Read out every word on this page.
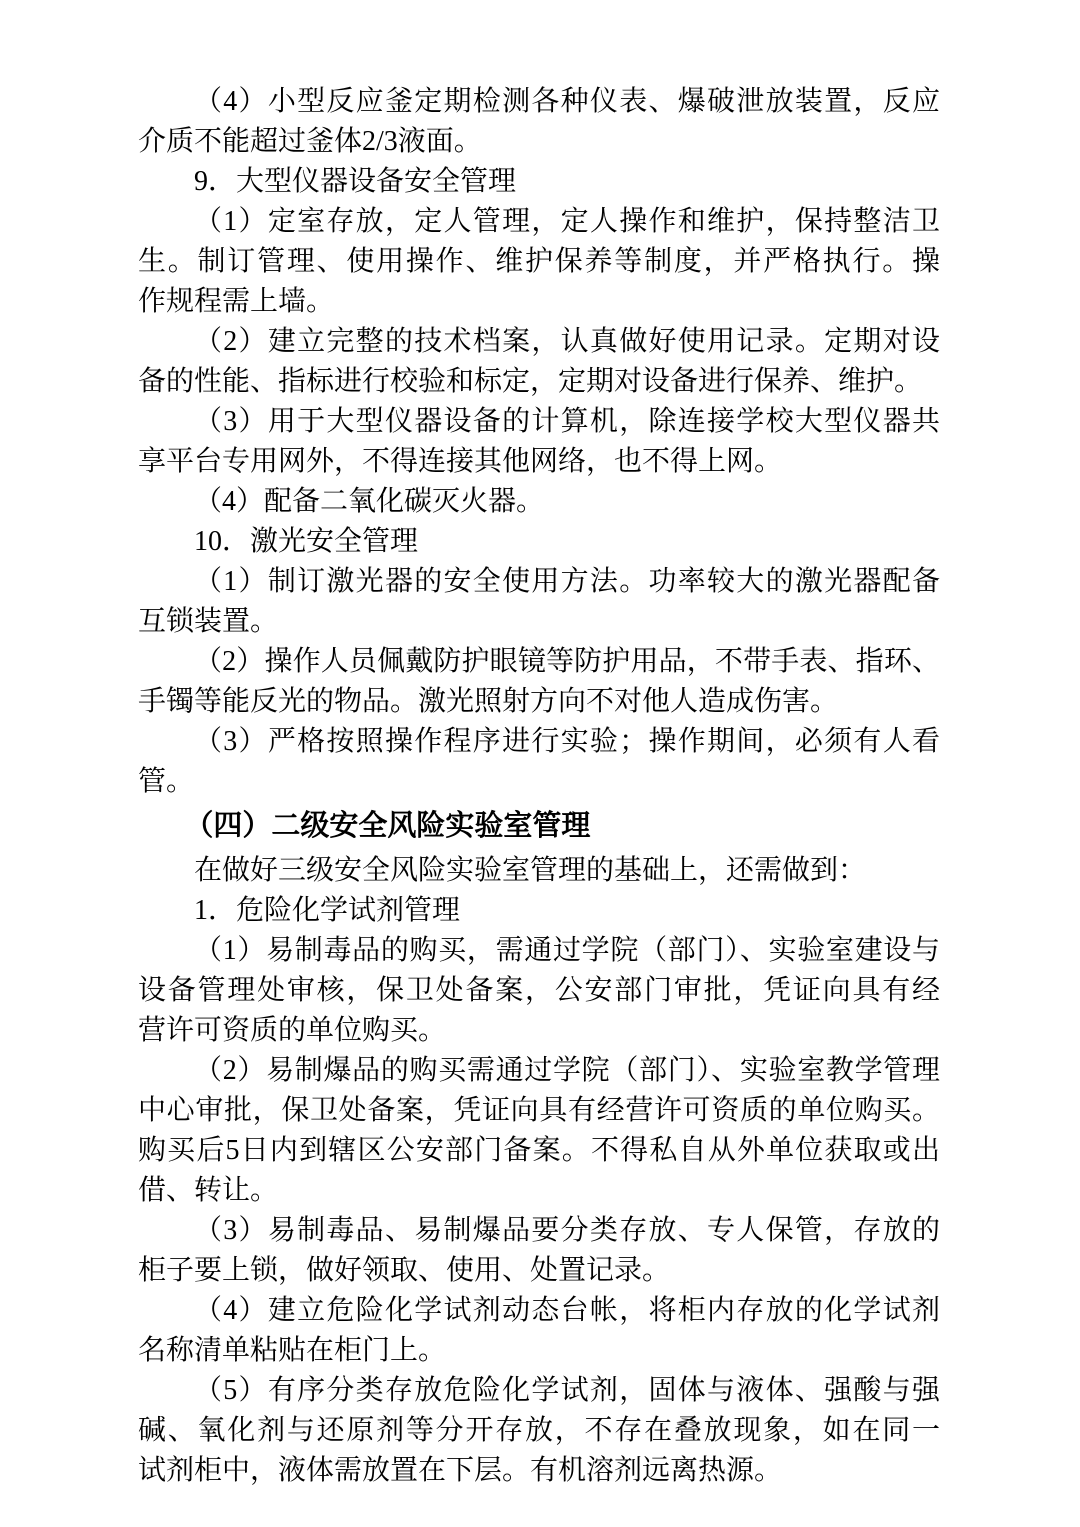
（4）小型反应釜定期检测各种仪表、爆破泄放装置，反应
介质不能超过釜体2/3液面。
9．大型仪器设备安全管理
（1）定室存放，定人管理，定人操作和维护，保持整洁卫
生。制订管理、使用操作、维护保养等制度，并严格执行。操
作规程需上墙。
（2）建立完整的技术档案，认真做好使用记录。定期对设
备的性能、指标进行校验和标定，定期对设备进行保养、维护。
（3）用于大型仪器设备的计算机，除连接学校大型仪器共
享平台专用网外，不得连接其他网络，也不得上网。
（4）配备二氧化碳灭火器。
10．激光安全管理
（1）制订激光器的安全使用方法。功率较大的激光器配备
互锁装置。
（2）操作人员佩戴防护眼镜等防护用品，不带手表、指环、
手镯等能反光的物品。激光照射方向不对他人造成伤害。
（3）严格按照操作程序进行实验；操作期间，必须有人看
管。
（四）二级安全风险实验室管理
在做好三级安全风险实验室管理的基础上，还需做到：
1．危险化学试剂管理
（1）易制毒品的购买，需通过学院（部门）、实验室建设与
设备管理处审核，保卫处备案，公安部门审批，凭证向具有经
营许可资质的单位购买。
（2）易制爆品的购买需通过学院（部门）、实验室教学管理
中心审批，保卫处备案，凭证向具有经营许可资质的单位购买。
购买后5日内到辖区公安部门备案。不得私自从外单位获取或出
借、转让。
（3）易制毒品、易制爆品要分类存放、专人保管，存放的
柜子要上锁，做好领取、使用、处置记录。
（4）建立危险化学试剂动态台帐，将柜内存放的化学试剂
名称清单粘贴在柜门上。
（5）有序分类存放危险化学试剂，固体与液体、强酸与强
碱、氧化剂与还原剂等分开存放，不存在叠放现象，如在同一
试剂柜中，液体需放置在下层。有机溶剂远离热源。
